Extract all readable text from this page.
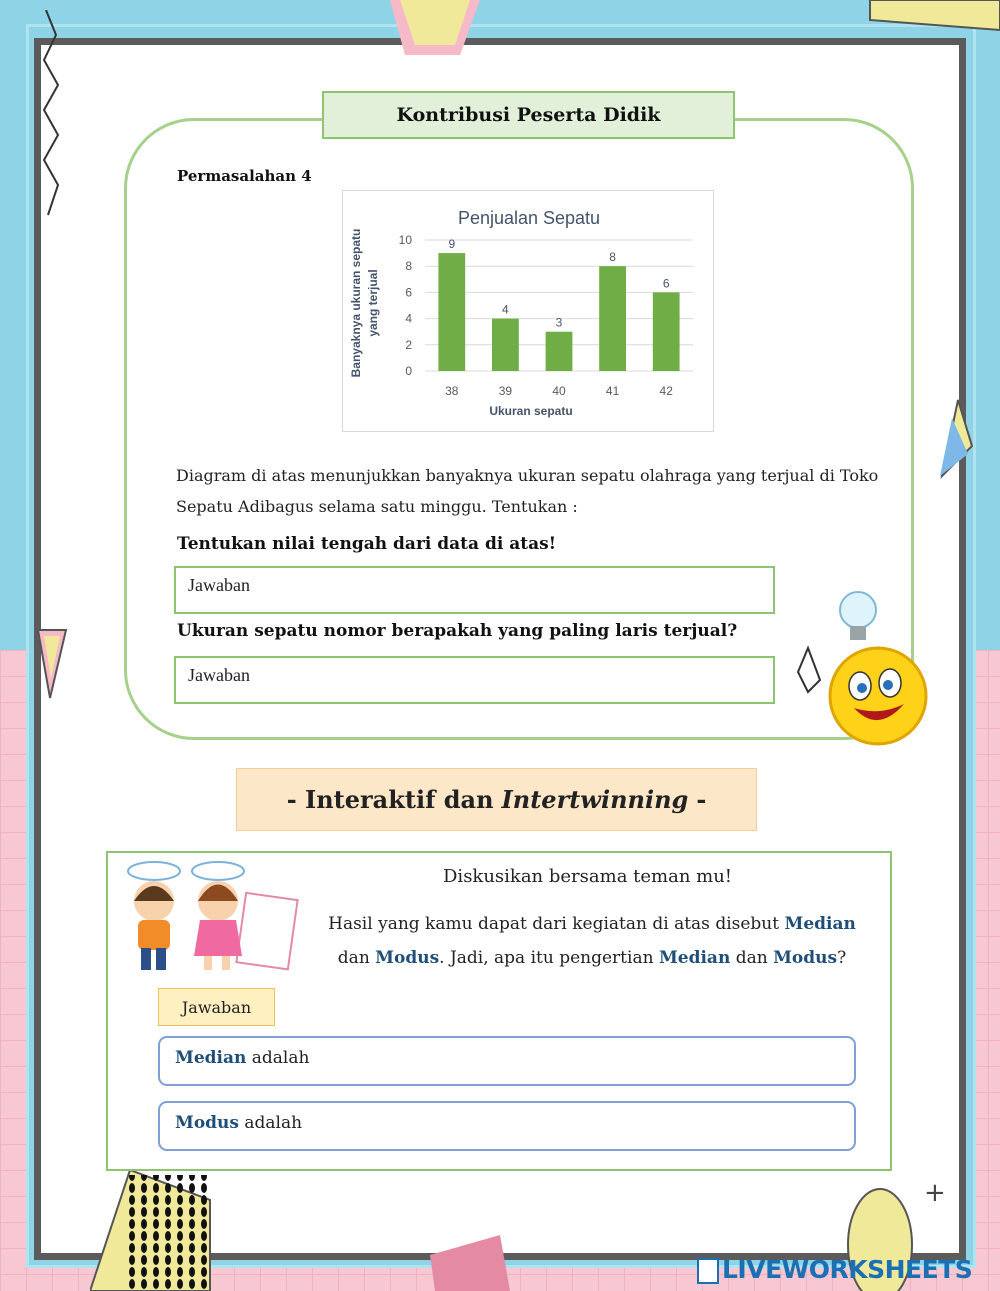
+
Kontribusi Peserta Didik
Permasalahan 4
Penjualan Sepatu
0
2
4
6
8
10	9
38
4
39
3
40
8
41
6
42
Ukuran sepatu
Banyaknya ukuran sepatu yang terjual
Diagram di atas menunjukkan banyaknya ukuran sepatu olahraga yang terjual di Toko Sepatu Adibagus selama satu minggu. Tentukan :
Tentukan nilai tengah dari data di atas!
Jawaban
Ukuran sepatu nomor berapakah yang paling laris terjual?
Jawaban
- Interaktif dan Intertwinning -
Diskusikan bersama teman mu!
Hasil yang kamu dapat dari kegiatan di atas disebut Median
dan Modus. Jadi, apa itu pengertian Median dan Modus?
Jawaban
Median adalah
Modus adalah
LIVEWORKSHEETS
